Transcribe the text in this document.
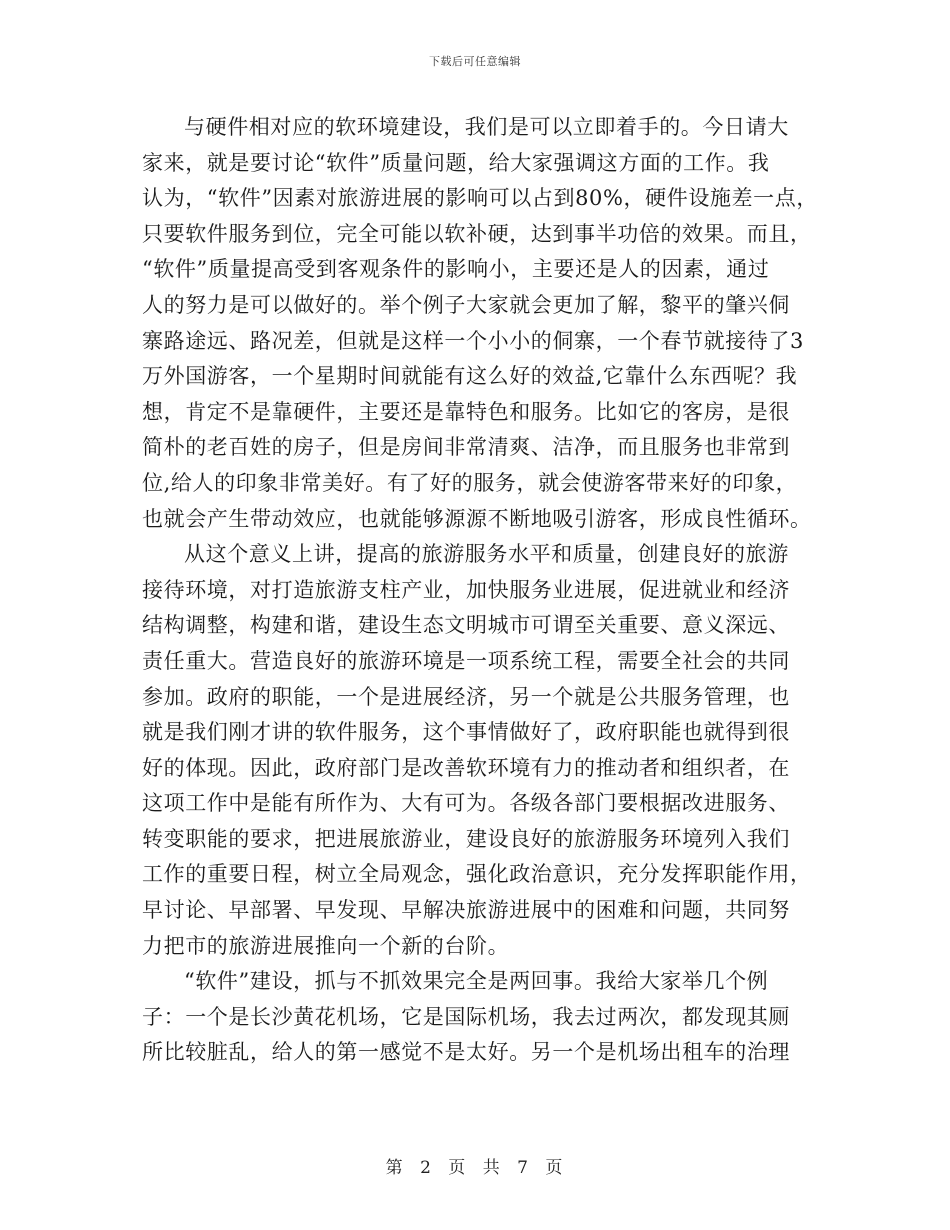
下载后可任意编辑
与硬件相对应的软环境建设，我们是可以立即着手的。今日请大
家来，就是要讨论“软件”质量问题，给大家强调这方面的工作。我
认为，“软件”因素对旅游进展的影响可以占到80%，硬件设施差一点，
只要软件服务到位，完全可能以软补硬，达到事半功倍的效果。而且，
“软件”质量提高受到客观条件的影响小，主要还是人的因素，通过
人的努力是可以做好的。举个例子大家就会更加了解，黎平的肇兴侗
寨路途远、路况差，但就是这样一个小小的侗寨，一个春节就接待了3
万外国游客，一个星期时间就能有这么好的效益,它靠什么东西呢？我
想，肯定不是靠硬件，主要还是靠特色和服务。比如它的客房，是很
简朴的老百姓的房子，但是房间非常清爽、洁净，而且服务也非常到
位,给人的印象非常美好。有了好的服务，就会使游客带来好的印象，
也就会产生带动效应，也就能够源源不断地吸引游客，形成良性循环。
从这个意义上讲，提高的旅游服务水平和质量，创建良好的旅游
接待环境，对打造旅游支柱产业，加快服务业进展，促进就业和经济
结构调整，构建和谐，建设生态文明城市可谓至关重要、意义深远、
责任重大。营造良好的旅游环境是一项系统工程，需要全社会的共同
参加。政府的职能，一个是进展经济，另一个就是公共服务管理，也
就是我们刚才讲的软件服务，这个事情做好了，政府职能也就得到很
好的体现。因此，政府部门是改善软环境有力的推动者和组织者，在
这项工作中是能有所作为、大有可为。各级各部门要根据改进服务、
转变职能的要求，把进展旅游业，建设良好的旅游服务环境列入我们
工作的重要日程，树立全局观念，强化政治意识，充分发挥职能作用，
早讨论、早部署、早发现、早解决旅游进展中的困难和问题，共同努
力把市的旅游进展推向一个新的台阶。
“软件”建设，抓与不抓效果完全是两回事。我给大家举几个例
子：一个是长沙黄花机场，它是国际机场，我去过两次，都发现其厕
所比较脏乱，给人的第一感觉不是太好。另一个是机场出租车的治理
第 2 页 共 7 页
